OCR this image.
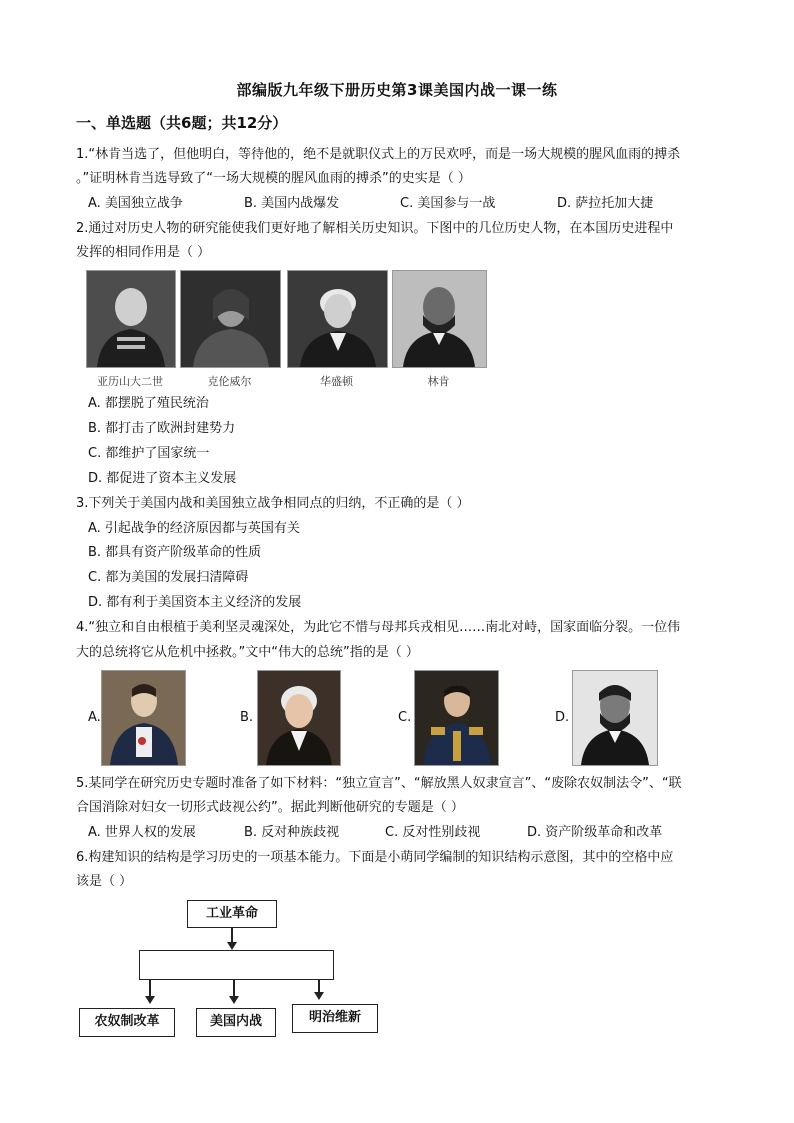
部编版九年级下册历史第3课美国内战一课一练
一、单选题（共6题；共12分）
1.“林肯当选了，但他明白，等待他的，绝不是就职仪式上的万民欢呼，而是一场大规模的腥风血雨的搏杀
。”证明林肯当选导致了“一场大规模的腥风血雨的搏杀”的史实是（ ）
A. 美国独立战争	B. 美国内战爆发	C. 美国参与一战	D. 萨拉托加大捷
2.通过对历史人物的研究能使我们更好地了解相关历史知识。下图中的几位历史人物，在本国历史进程中
发挥的相同作用是（ ）
亚历山大二世	克伦威尔	华盛顿	林肯
A. 都摆脱了殖民统治
B. 都打击了欧洲封建势力
C. 都维护了国家统一
D. 都促进了资本主义发展
3.下列关于美国内战和美国独立战争相同点的归纳，不正确的是（ ）
A. 引起战争的经济原因都与英国有关
B. 都具有资产阶级革命的性质
C. 都为美国的发展扫清障碍
D. 都有利于美国资本主义经济的发展
4.“独立和自由根植于美利坚灵魂深处，为此它不惜与母邦兵戎相见……南北对峙，国家面临分裂。一位伟
大的总统将它从危机中拯救。”文中“伟大的总统”指的是（ ）
A.	B.	C.	D.
5.某同学在研究历史专题时准备了如下材料：“独立宣言”、“解放黑人奴隶宣言”、“废除农奴制法令”、“联
合国消除对妇女一切形式歧视公约”。据此判断他研究的专题是（ ）
A. 世界人权的发展	B. 反对种族歧视	C. 反对性别歧视	D. 资产阶级革命和改革
6.构建知识的结构是学习历史的一项基本能力。下面是小萌同学编制的知识结构示意图，其中的空格中应
该是（ ）
工业革命
农奴制改革	美国内战	明治维新
